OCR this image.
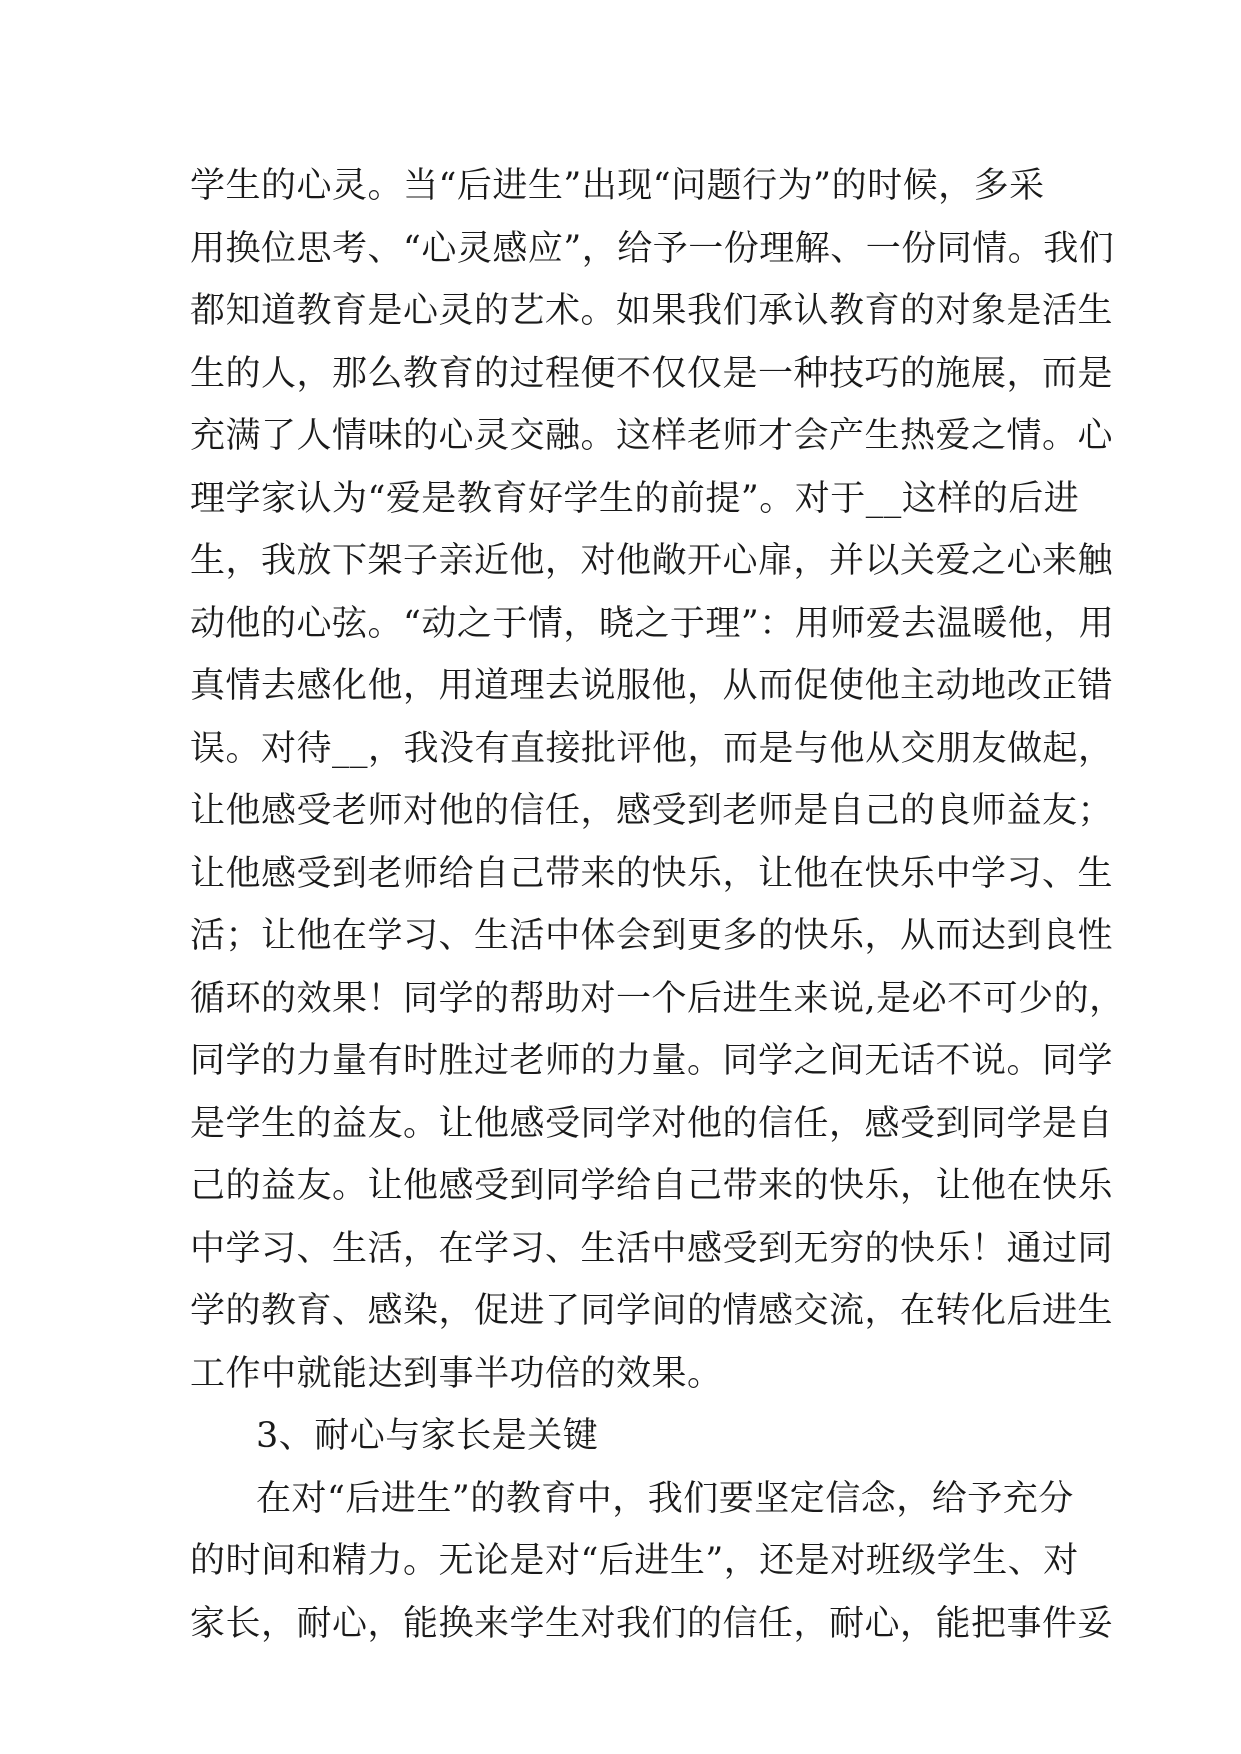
学生的心灵。当“后进生”出现“问题行为”的时候，多采
用换位思考、“心灵感应”，给予一份理解、一份同情。我们
都知道教育是心灵的艺术。如果我们承认教育的对象是活生
生的人，那么教育的过程便不仅仅是一种技巧的施展，而是
充满了人情味的心灵交融。这样老师才会产生热爱之情。心
理学家认为“爱是教育好学生的前提”。对于__这样的后进
生，我放下架子亲近他，对他敞开心扉，并以关爱之心来触
动他的心弦。“动之于情，晓之于理”：用师爱去温暖他，用
真情去感化他，用道理去说服他，从而促使他主动地改正错
误。对待__，我没有直接批评他，而是与他从交朋友做起，
让他感受老师对他的信任，感受到老师是自己的良师益友；
让他感受到老师给自己带来的快乐，让他在快乐中学习、生
活；让他在学习、生活中体会到更多的快乐，从而达到良性
循环的效果！同学的帮助对一个后进生来说,是必不可少的，
同学的力量有时胜过老师的力量。同学之间无话不说。同学
是学生的益友。让他感受同学对他的信任，感受到同学是自
己的益友。让他感受到同学给自己带来的快乐，让他在快乐
中学习、生活，在学习、生活中感受到无穷的快乐！通过同
学的教育、感染，促进了同学间的情感交流，在转化后进生
工作中就能达到事半功倍的效果。
3、耐心与家长是关键
在对“后进生”的教育中，我们要坚定信念，给予充分
的时间和精力。无论是对“后进生”，还是对班级学生、对
家长，耐心，能换来学生对我们的信任，耐心，能把事件妥
